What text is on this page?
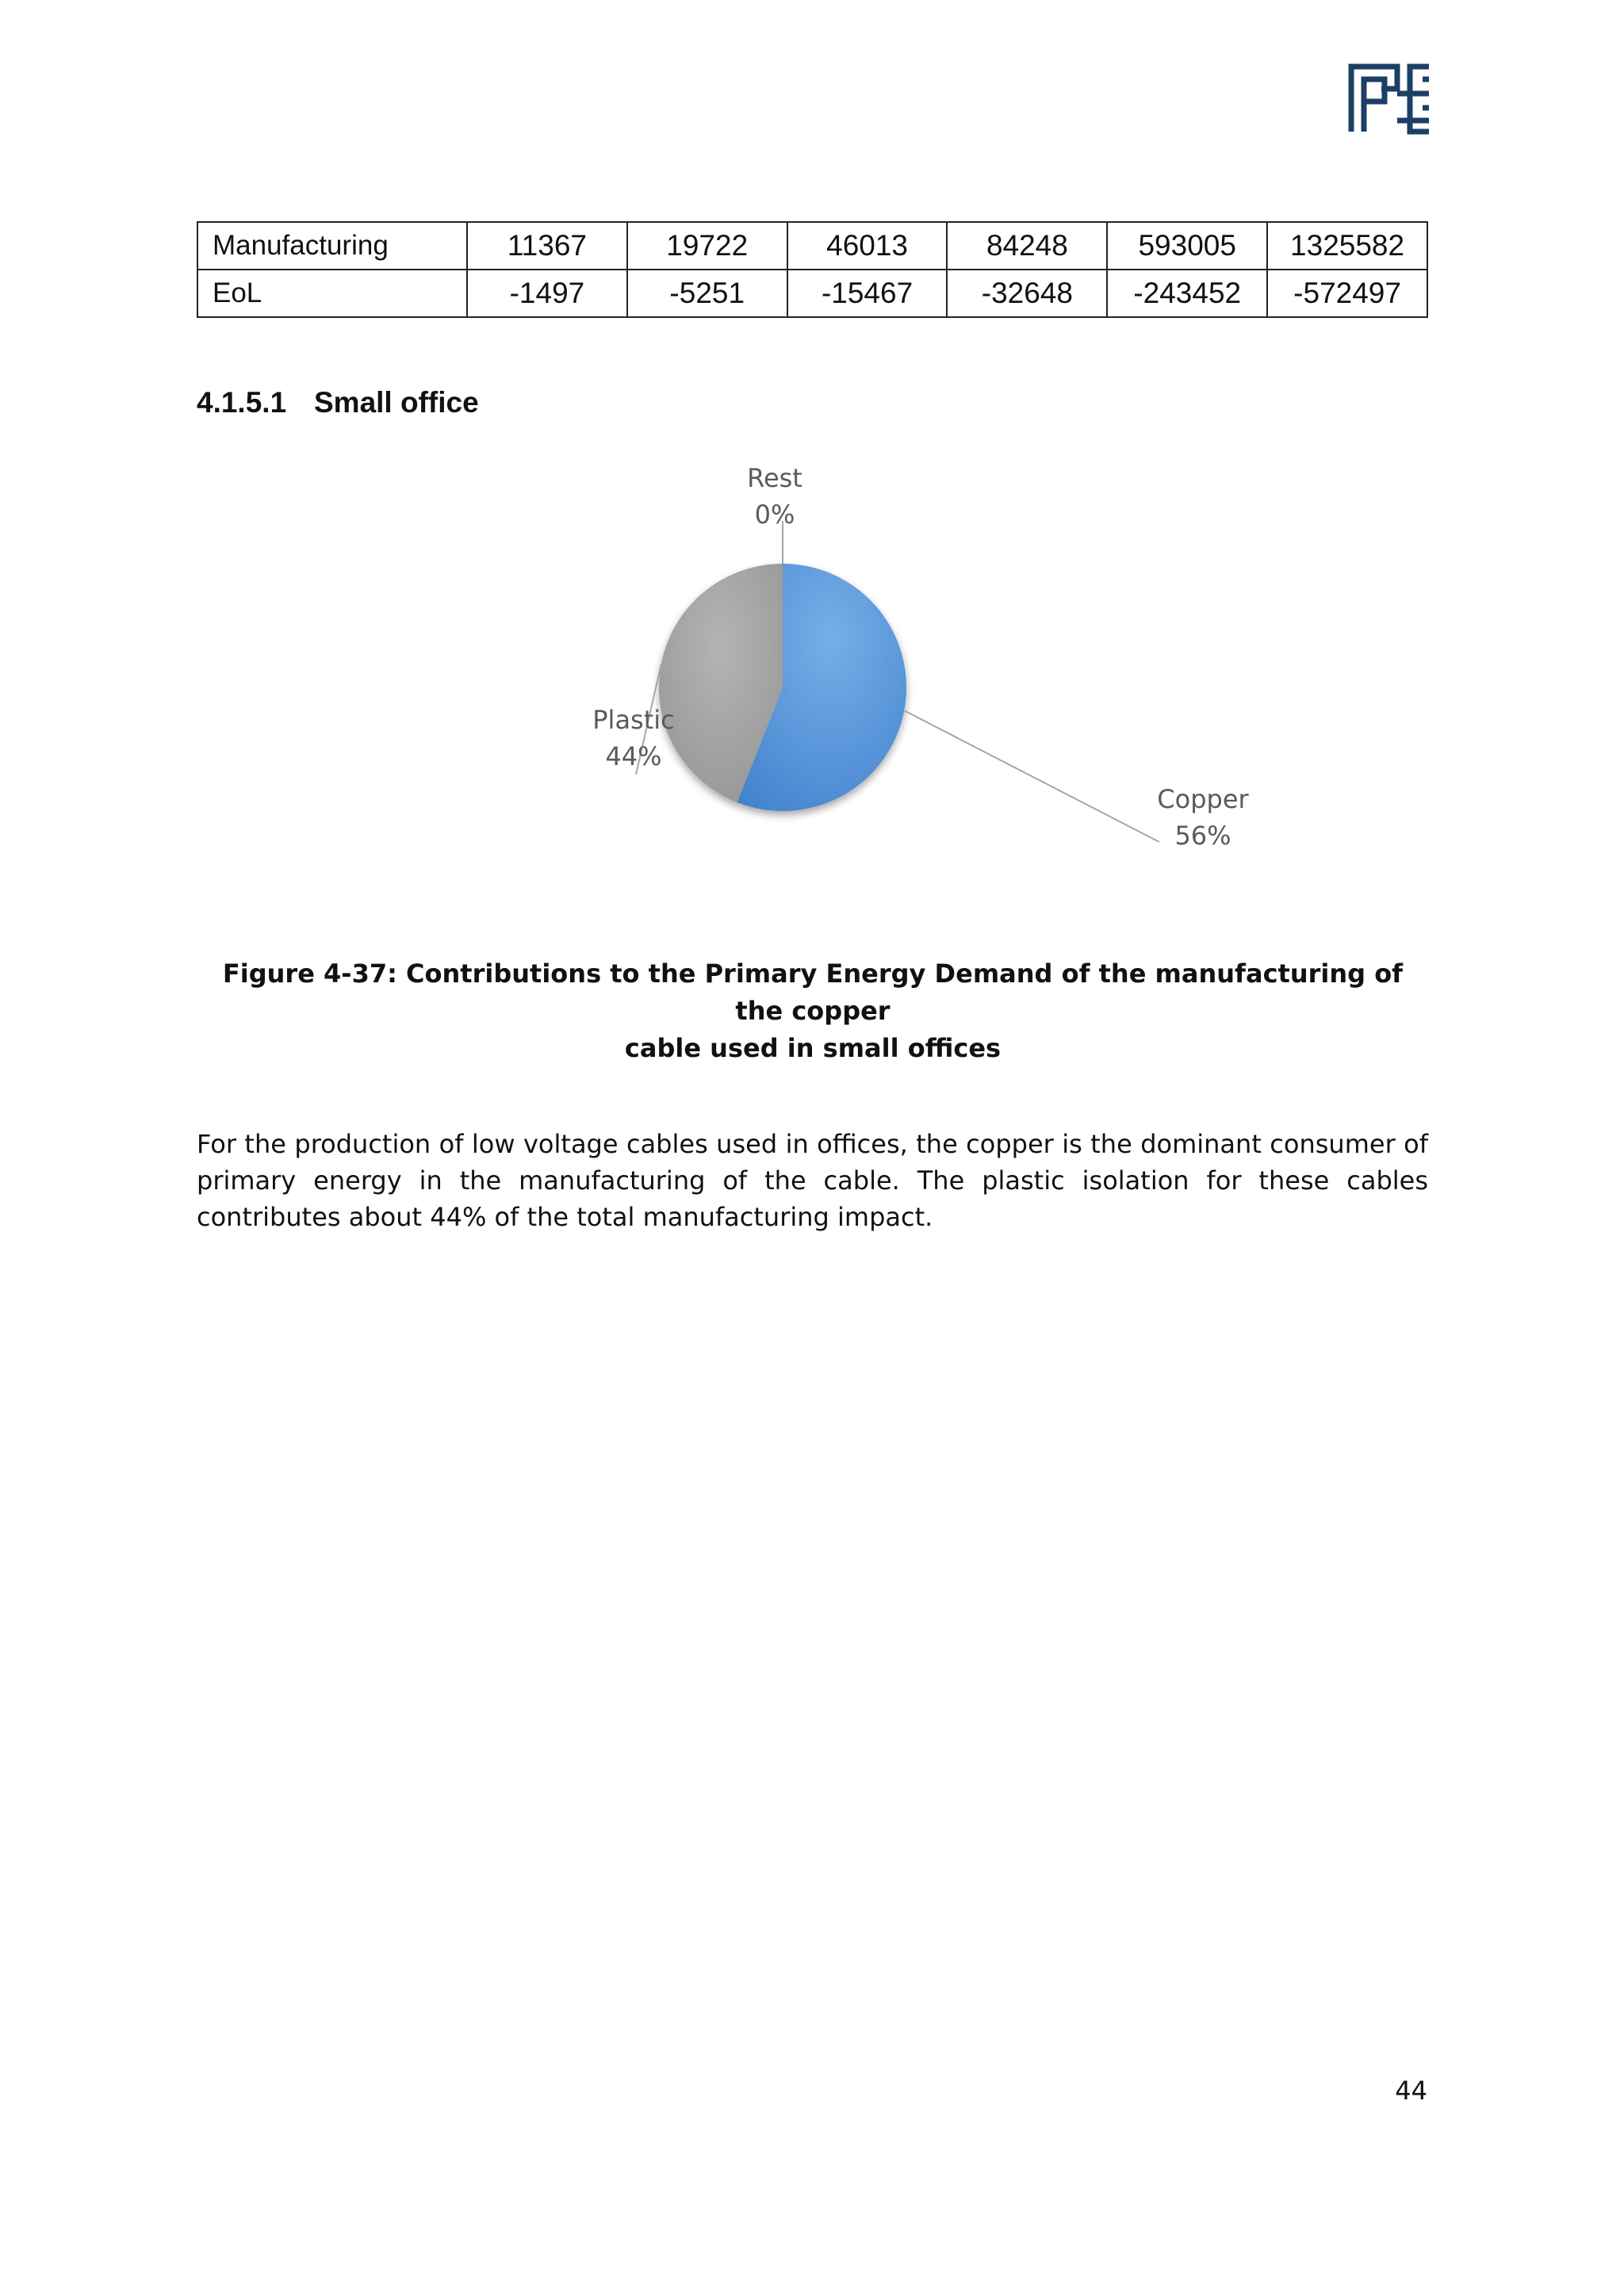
Manufacturing	11367	19722	46013	84248	593005	1325582
EoL	-1497	-5251	-15467	-32648	-243452	-572497
4.1.5.1 Small office
Copper
56%
Plastic
44%
Rest
0%

Figure 4-37: Contributions to the Primary Energy Demand of the manufacturing of the copper
cable used in small offices

For the production of low voltage cables used in offices, the copper is the dominant consumer of primary energy in the manufacturing of the cable. The plastic isolation for these cables contributes about 44% of the total manufacturing impact.

44
